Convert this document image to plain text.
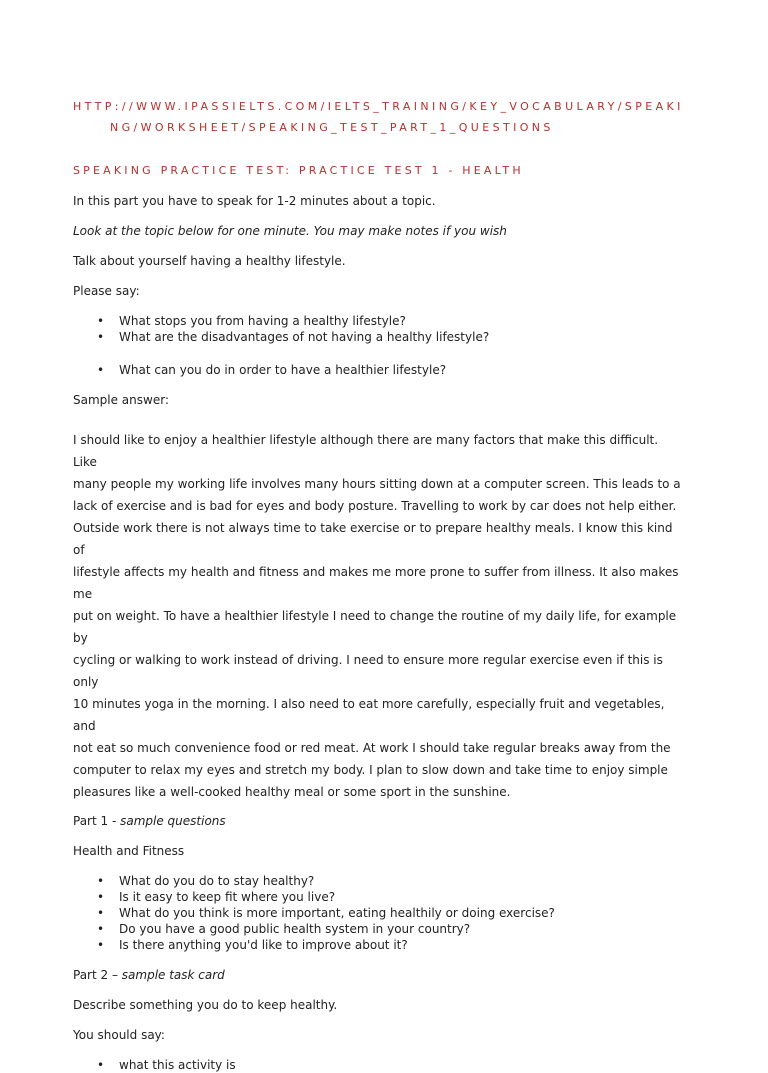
HTTP://WWW.IPASSIELTS.COM/IELTS_TRAINING/KEY_VOCABULARY/SPEAKI
NG/WORKSHEET/SPEAKING_TEST_PART_1_QUESTIONS
SPEAKING PRACTICE TEST: PRACTICE TEST 1 - HEALTH

In this part you have to speak for 1-2 minutes about a topic.

Look at the topic below for one minute. You may make notes if you wish

Talk about yourself having a healthy lifestyle.

Please say:

• What stops you from having a healthy lifestyle?
• What are the disadvantages of not having a healthy lifestyle?
• What can you do in order to have a healthier lifestyle?

Sample answer:

I should like to enjoy a healthier lifestyle although there are many factors that make this difficult. Like
many people my working life involves many hours sitting down at a computer screen. This leads to a
lack of exercise and is bad for eyes and body posture. Travelling to work by car does not help either.
Outside work there is not always time to take exercise or to prepare healthy meals. I know this kind of
lifestyle affects my health and fitness and makes me more prone to suffer from illness. It also makes me
put on weight. To have a healthier lifestyle I need to change the routine of my daily life, for example by
cycling or walking to work instead of driving. I need to ensure more regular exercise even if this is only
10 minutes yoga in the morning. I also need to eat more carefully, especially fruit and vegetables, and
not eat so much convenience food or red meat. At work I should take regular breaks away from the
computer to relax my eyes and stretch my body. I plan to slow down and take time to enjoy simple
pleasures like a well-cooked healthy meal or some sport in the sunshine.

Part 1 - sample questions

Health and Fitness

• What do you do to stay healthy?
• Is it easy to keep fit where you live?
• What do you think is more important, eating healthily or doing exercise?
• Do you have a good public health system in your country?
• Is there anything you'd like to improve about it?

Part 2 – sample task card

Describe something you do to keep healthy.

You should say:

• what this activity is
